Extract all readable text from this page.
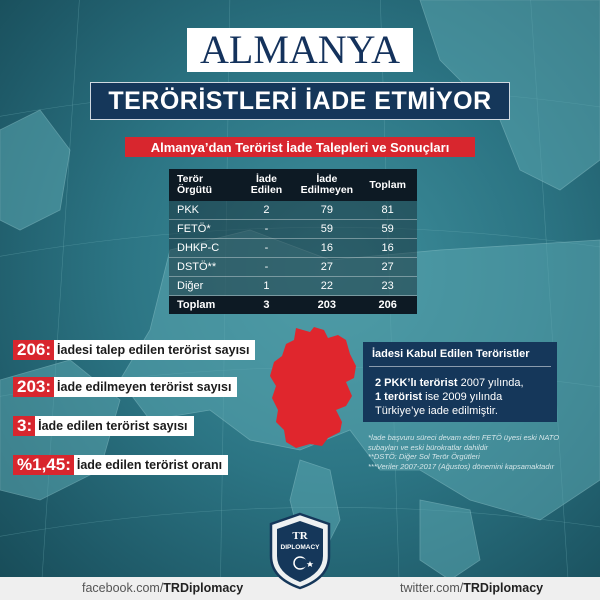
ALMANYA
TERÖRİSTLERİ İADE ETMİYOR
Almanya’dan Terörist İade Talepleri ve Sonuçları
Terör Örgütü	İade Edilen	İade Edilmeyen	Toplam
PKK	2	79	81
FETÖ*	-	59	59
DHKP-C	-	16	16
DSTÖ**	-	27	27
Diğer	1	22	23
Toplam	3	203	206
206: İadesi talep edilen terörist sayısı
203: İade edilmeyen terörist sayısı
3: İade edilen terörist sayısı
%1,45: İade edilen terörist oranı
İadesi Kabul Edilen Teröristler
2 PKK’lı terörist 2007 yılında,
1 terörist ise 2009 yılında
Türkiye’ye iade edilmiştir.
*İade başvuru süreci devam eden FETÖ üyesi eski NATO
subayları ve eski bürokratlar dahildir
**DSTÖ: Diğer Sol Terör Örgütleri
***Veriler 2007-2017 (Ağustos) dönemini kapsamaktadır
facebook.com/TRDiplomacy	twitter.com/TRDiplomacy
TR
DIPLOMACY
